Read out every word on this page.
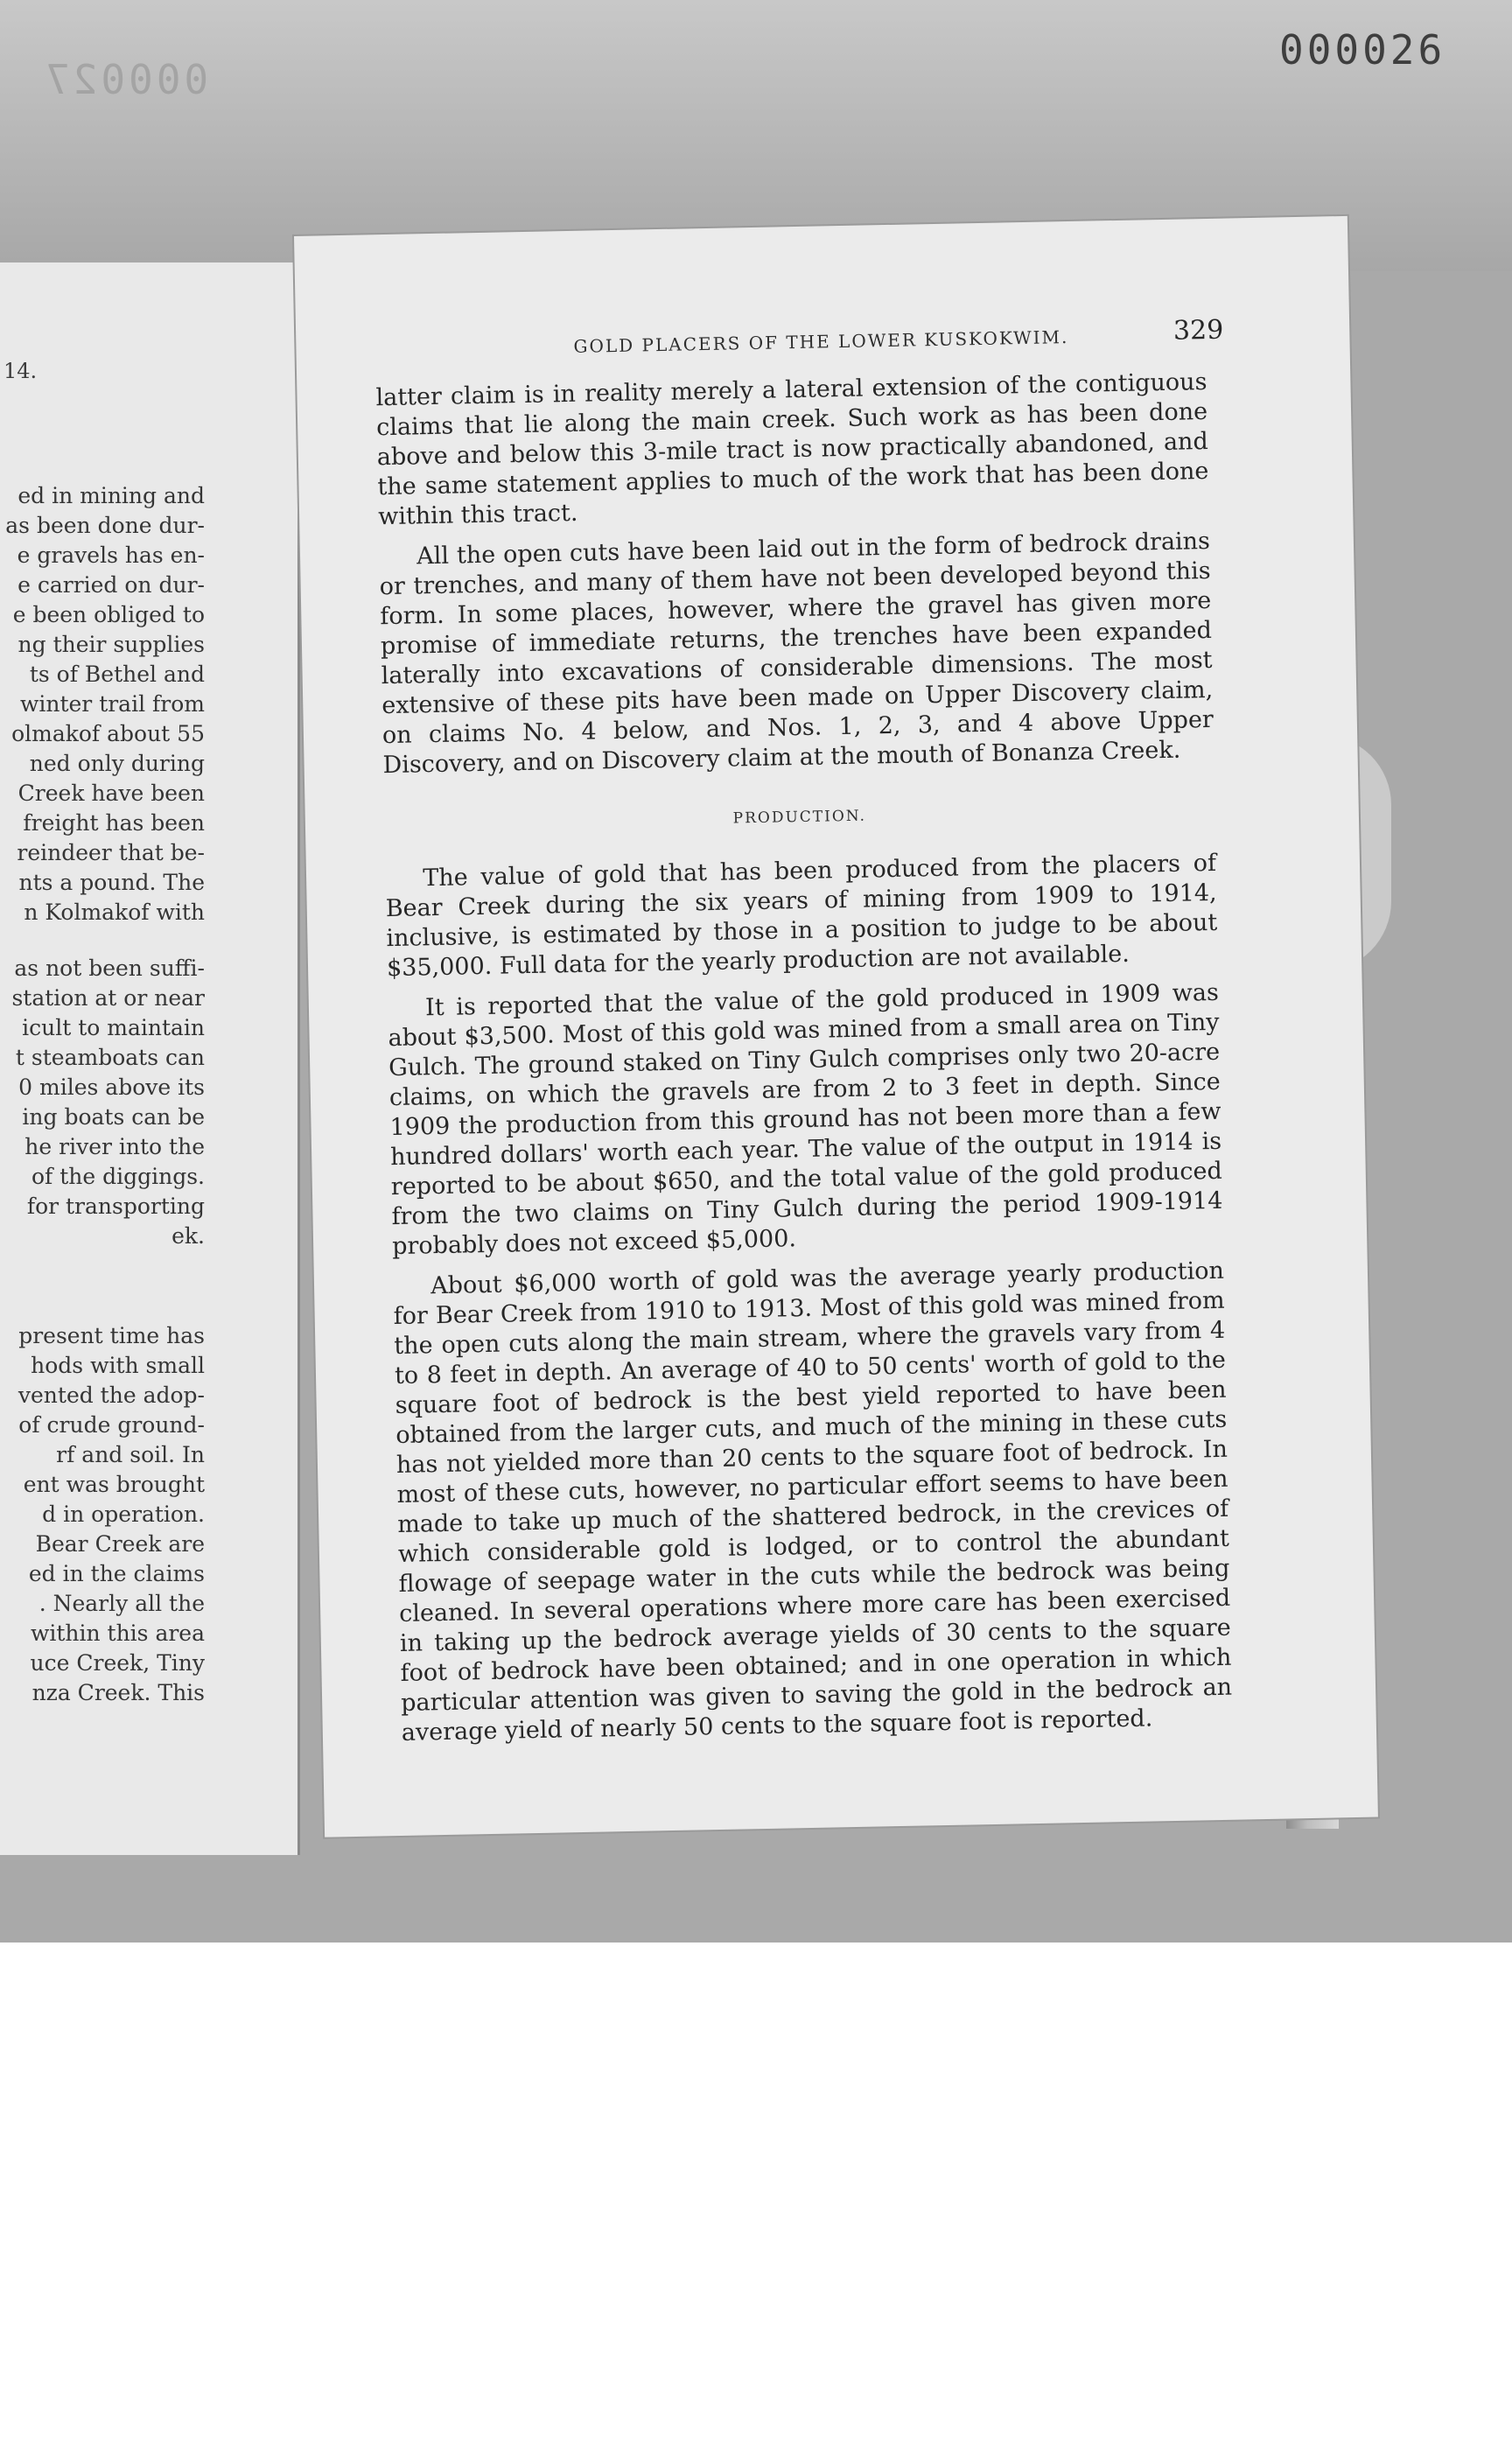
000027
000026
14.
ed in mining and
as been done dur-
e gravels has en-
e carried on dur-
e been obliged to
ng their supplies
ts of Bethel and
winter trail from
olmakof about 55
ned only during
Creek have been
freight has been
reindeer that be-
nts a pound. The
n Kolmakof with
as not been suffi-
station at or near
icult to maintain
t steamboats can
0 miles above its
ing boats can be
he river into the
of the diggings.
for transporting
ek.
present time has
hods with small
vented the adop-
of crude ground-
rf and soil. In
ent was brought
d in operation.
Bear Creek are
ed in the claims
. Nearly all the
within this area
uce Creek, Tiny
nza Creek. This
GOLD PLACERS OF THE LOWER KUSKOKWIM.	329

latter claim is in reality merely a lateral extension of the contiguous claims that lie along the main creek. Such work as has been done above and below this 3-mile tract is now practically abandoned, and the same statement applies to much of the work that has been done within this tract.

All the open cuts have been laid out in the form of bedrock drains or trenches, and many of them have not been developed beyond this form. In some places, however, where the gravel has given more promise of immediate returns, the trenches have been expanded laterally into excavations of considerable dimensions. The most extensive of these pits have been made on Upper Discovery claim, on claims No. 4 below, and Nos. 1, 2, 3, and 4 above Upper Discovery, and on Discovery claim at the mouth of Bonanza Creek.

PRODUCTION.

The value of gold that has been produced from the placers of Bear Creek during the six years of mining from 1909 to 1914, inclusive, is estimated by those in a position to judge to be about $35,000. Full data for the yearly production are not available.

It is reported that the value of the gold produced in 1909 was about $3,500. Most of this gold was mined from a small area on Tiny Gulch. The ground staked on Tiny Gulch comprises only two 20-acre claims, on which the gravels are from 2 to 3 feet in depth. Since 1909 the production from this ground has not been more than a few hundred dollars' worth each year. The value of the output in 1914 is reported to be about $650, and the total value of the gold produced from the two claims on Tiny Gulch during the period 1909-1914 probably does not exceed $5,000.

About $6,000 worth of gold was the average yearly production for Bear Creek from 1910 to 1913. Most of this gold was mined from the open cuts along the main stream, where the gravels vary from 4 to 8 feet in depth. An average of 40 to 50 cents' worth of gold to the square foot of bedrock is the best yield reported to have been obtained from the larger cuts, and much of the mining in these cuts has not yielded more than 20 cents to the square foot of bedrock. In most of these cuts, however, no particular effort seems to have been made to take up much of the shattered bedrock, in the crevices of which considerable gold is lodged, or to control the abundant flowage of seepage water in the cuts while the bedrock was being cleaned. In several operations where more care has been exercised in taking up the bedrock average yields of 30 cents to the square foot of bedrock have been obtained; and in one operation in which particular attention was given to saving the gold in the bedrock an average yield of nearly 50 cents to the square foot is reported.
